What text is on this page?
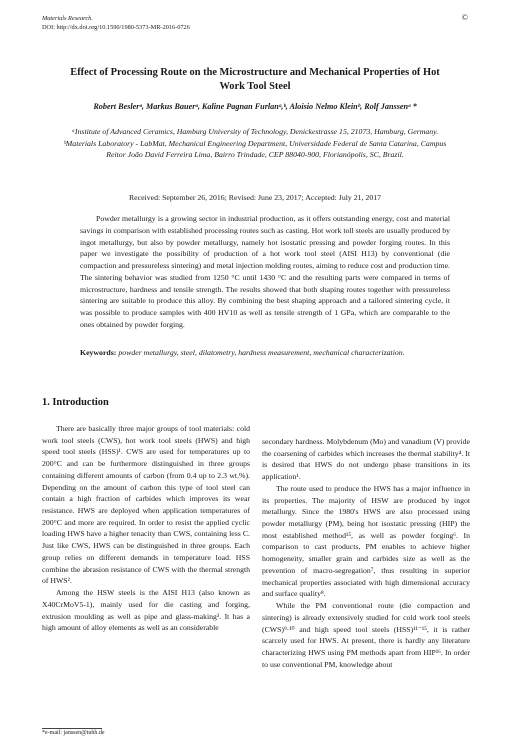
Materials Research.
DOI: http://dx.doi.org/10.1590/1980-5373-MR-2016-0726
©
Effect of Processing Route on the Microstructure and Mechanical Properties of Hot Work Tool Steel
Robert Beslerᵃ, Markus Bauerᵃ, Kaline Pagnan Furlanᵃ,ᵇ, Aloisio Nelmo Kleinᵇ, Rolf Janssenᵃ *

ᵃInstitute of Advanced Ceramics, Hamburg University of Technology, Denickestrasse 15, 21073, Hamburg, Germany.

ᵇMaterials Laboratory - LabMat, Mechanical Engineering Department, Universidade Federal de Santa Catarina, Campus Reitor João David Ferreira Lima, Bairro Trindade, CEP 88040-900, Florianópolis, SC, Brazil.

Received: September 26, 2016; Revised: June 23, 2017; Accepted: July 21, 2017
Powder metallurgy is a growing sector in industrial production, as it offers outstanding energy, cost and material savings in comparison with established processing routes such as casting. Hot work toll steels are usually produced by ingot metallurgy, but also by powder metallurgy, namely hot isostatic pressing and powder forging routes. In this paper we investigate the possibility of production of a hot work tool steel (AISI H13) by conventional (die compaction and pressureless sintering) and metal injection molding routes, aiming to reduce cost and production time. The sintering behavior was studied from 1250 °C until 1430 °C and the resulting parts were compared in terms of microstructure, hardness and tensile strength. The results showed that both shaping routes together with pressureless sintering are suitable to produce this alloy. By combining the best shaping approach and a tailored sintering cycle, it was possible to produce samples with 400 HV10 as well as tensile strength of 1 GPa, which are comparable to the ones obtained by powder forging.
Keywords: powder metallurgy, steel, dilatometry, hardness measurement, mechanical characterization.
1. Introduction

There are basically three major groups of tool materials: cold work tool steels (CWS), hot work tool steels (HWS) and high speed tool steels (HSS)¹. CWS are used for temperatures up to 200°C and can be furthermore distinguished in three groups containing different amounts of carbon (from 0.4 up to 2.3 wt.%). Depending on the amount of carbon this type of tool steel can contain a high fraction of carbides which improves its wear resistance. HWS are deployed when application temperatures of 200°C and more are required. In order to resist the applied cyclic loading HWS have a higher tenacity than CWS, containing less C. Just like CWS, HWS can be distinguished in three groups. Each group relies on different demands in temperature load. HSS combine the abrasion resistance of CWS with the thermal strength of HWS².

Among the HSW steels is the AISI H13 (also known as X40CrMoV5-1), mainly used for die casting and forging, extrusion moulding as well as pipe and glass-making³. It has a high amount of alloy elements as well as an considerable

secondary hardness. Molybdenum (Mo) and vanadium (V) provide the coarsening of carbides which increases the thermal stability⁴. It is desired that HWS do not undergo phase transitions in its application¹.

The route used to produce the HWS has a major influence in its properties. The majority of HSW are produced by ingot metallurgy. Since the 1980's HWS are also processed using powder metallurgy (PM), being hot isostatic pressing (HIP) the most established method¹⁵, as well as powder forging⁶. In comparison to cast products, PM enables to achieve higher homogeneity, smaller grain and carbides size as well as the prevention of macro-segregation⁷, thus resulting in superior mechanical properties associated with high dimensional accuracy and surface quality⁸.

While the PM conventional route (die compaction and sintering) is already extensively studied for cold work tool steels (CWS)⁹·¹⁰ and high speed tool steels (HSS)¹¹⁻¹⁵, it is rather scarcely used for HWS. At present, there is hardly any literature characterizing HWS using PM methods apart from HIP¹⁶. In order to use conventional PM, knowledge about

*e-mail: janssen@tuhh.de
